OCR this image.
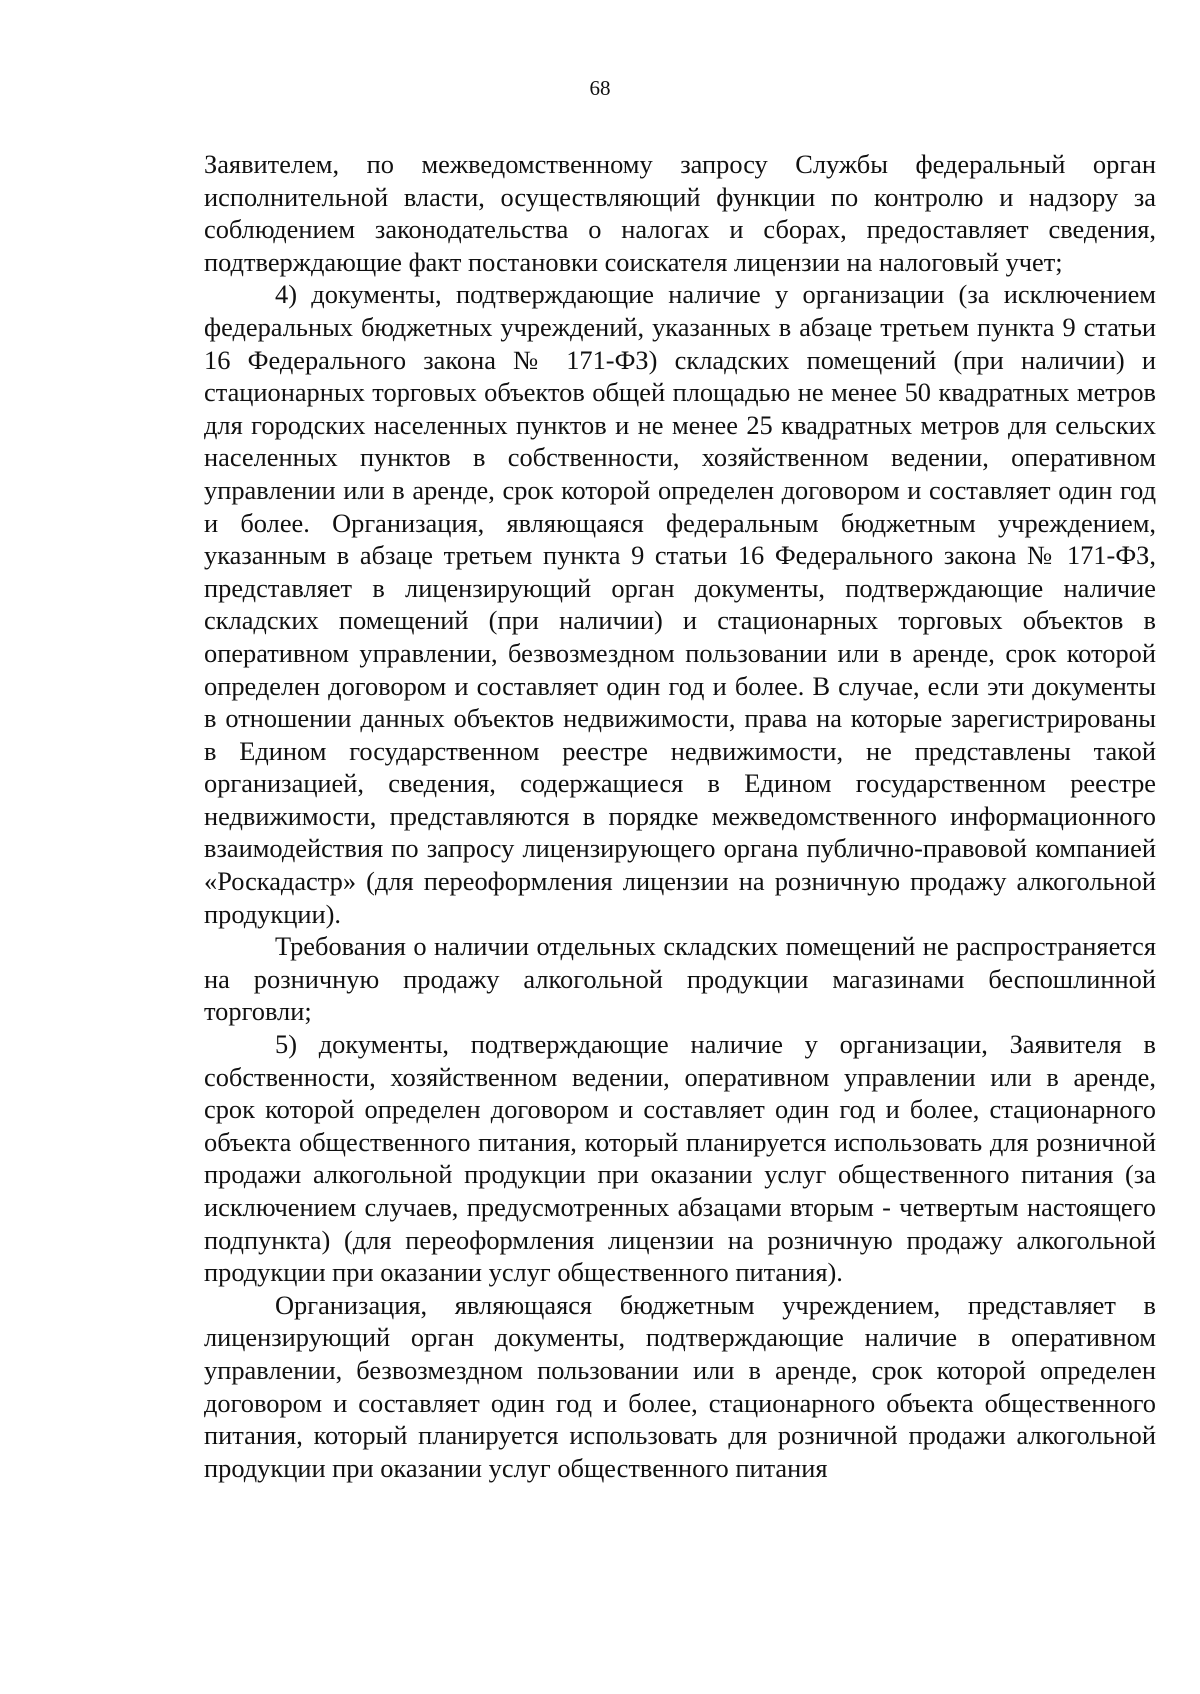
68

Заявителем, по межведомственному запросу Службы федеральный орган исполнительной власти, осуществляющий функции по контролю и надзору за соблюдением законодательства о налогах и сборах, предоставляет сведения, подтверждающие факт постановки соискателя лицензии на налоговый учет;

4) документы, подтверждающие наличие у организации (за исключением федеральных бюджетных учреждений, указанных в абзаце третьем пункта 9 статьи 16 Федерального закона № 171-ФЗ) складских помещений (при наличии) и стационарных торговых объектов общей площадью не менее 50 квадратных метров для городских населенных пунктов и не менее 25 квадратных метров для сельских населенных пунктов в собственности, хозяйственном ведении, оперативном управлении или в аренде, срок которой определен договором и составляет один год и более. Организация, являющаяся федеральным бюджетным учреждением, указанным в абзаце третьем пункта 9 статьи 16 Федерального закона № 171-ФЗ, представляет в лицензирующий орган документы, подтверждающие наличие складских помещений (при наличии) и стационарных торговых объектов в оперативном управлении, безвозмездном пользовании или в аренде, срок которой определен договором и составляет один год и более. В случае, если эти документы в отношении данных объектов недвижимости, права на которые зарегистрированы в Едином государственном реестре недвижимости, не представлены такой организацией, сведения, содержащиеся в Едином государственном реестре недвижимости, представляются в порядке межведомственного информационного взаимодействия по запросу лицензирующего органа публично-правовой компанией «Роскадастр» (для переоформления лицензии на розничную продажу алкогольной продукции).

Требования о наличии отдельных складских помещений не распространяется на розничную продажу алкогольной продукции магазинами беспошлинной торговли;

5) документы, подтверждающие наличие у организации, Заявителя в собственности, хозяйственном ведении, оперативном управлении или в аренде, срок которой определен договором и составляет один год и более, стационарного объекта общественного питания, который планируется использовать для розничной продажи алкогольной продукции при оказании услуг общественного питания (за исключением случаев, предусмотренных абзацами вторым - четвертым настоящего подпункта) (для переоформления лицензии на розничную продажу алкогольной продукции при оказании услуг общественного питания).

Организация, являющаяся бюджетным учреждением, представляет в лицензирующий орган документы, подтверждающие наличие в оперативном управлении, безвозмездном пользовании или в аренде, срок которой определен договором и составляет один год и более, стационарного объекта общественного питания, который планируется использовать для розничной продажи алкогольной продукции при оказании услуг общественного питания
